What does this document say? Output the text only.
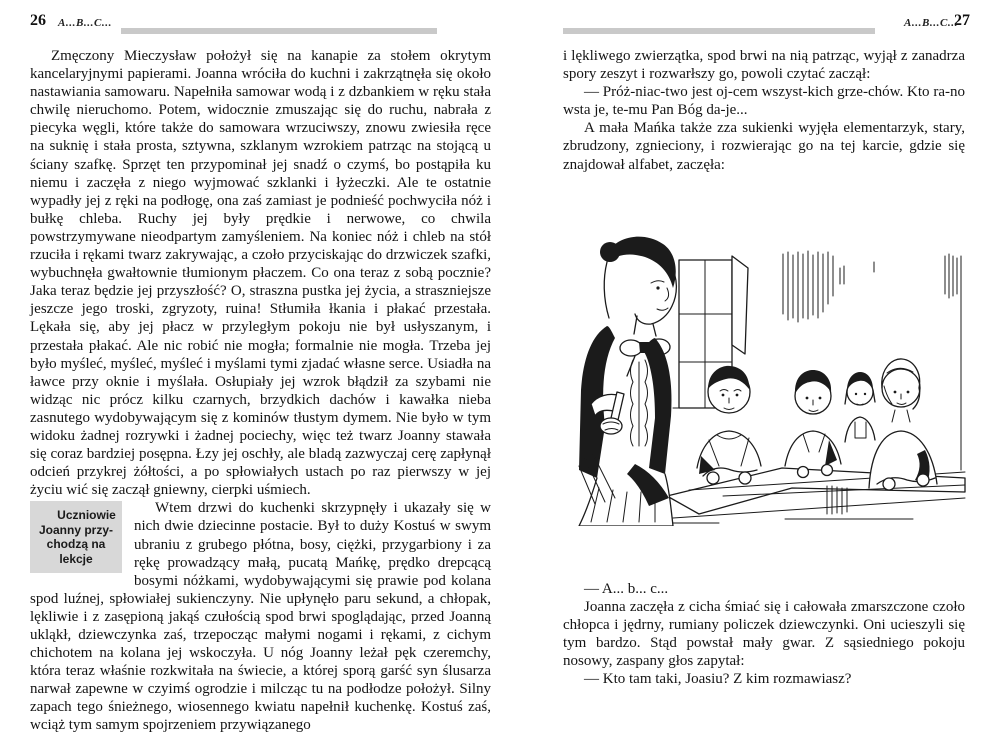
26 A...B...C...	A...B...C...
27

Zmęczony Mieczysław położył się na kanapie za stołem okrytym kancelaryjnymi papierami. Joanna wróciła do kuchni i zakrzątnęła się około nastawiania samowaru. Napełniła samowar wodą i z dzbankiem w ręku stała chwilę nieruchomo. Potem, widocznie zmuszając się do ruchu, nabrała z piecyka węgli, które także do samowara wrzuciwszy, znowu zwiesiła ręce na suknię i stała prosta, sztywna, szklanym wzrokiem patrząc na stojącą u ściany szafkę. Sprzęt ten przypominał jej snadź o czymś, bo postąpiła ku niemu i zaczęła z niego wyjmować szklanki i łyżeczki. Ale te ostatnie wypadły jej z ręki na podłogę, ona zaś zamiast je podnieść pochwyciła nóż i bułkę chleba. Ruchy jej były prędkie i nerwowe, co chwila powstrzymywane nieodpartym zamyśleniem. Na koniec nóż i chleb na stół rzuciła i rękami twarz zakrywając, a czoło przyciskając do drzwiczek szafki, wybuchnęła gwałtownie tłumionym płaczem. Co ona teraz z sobą pocznie? Jaka teraz będzie jej przyszłość? O, straszna pustka jej życia, a straszniejsze jeszcze jego troski, zgryzoty, ruina! Stłumiła łkania i płakać przestała. Lękała się, aby jej płacz w przyległym pokoju nie był usłyszanym, i przestała płakać. Ale nic robić nie mogła; formalnie nie mogła. Trzeba jej było myśleć, myśleć, myśleć i myślami tymi zjadać własne serce. Usiadła na ławce przy oknie i myślała. Osłupiały jej wzrok błądził za szybami nie widząc nic prócz kilku czarnych, brzydkich dachów i kawałka nieba zasnutego wydobywającym się z kominów tłustym dymem. Nie było w tym widoku żadnej rozrywki i żadnej pociechy, więc też twarz Joanny stawała się coraz bardziej posępna. Łzy jej oschły, ale bladą zazwyczaj cerę zapłynął odcień przykrej żółtości, a po spłowiałych ustach po raz pierwszy w jej życiu wić się zaczął gniewny, cierpki uśmiech.

Uczniowie
Joanny przy-
chodzą na
lekcje
Wtem drzwi do kuchenki skrzypnęły i ukazały się w nich dwie dziecinne postacie. Był to duży Kostuś w swym ubraniu z grubego płótna, bosy, ciężki, przygarbiony i za rękę prowadzący małą, pucatą Mańkę, prędko drepcącą bosymi nóżkami, wydobywającymi się prawie pod kolana spod luźnej, spłowiałej sukienczyny. Nie upłynęło paru sekund, a chłopak, lękliwie i z zasępioną jakąś czułością spod brwi spoglądając, przed Joanną ukląkł, dziewczynka zaś, trzepocząc małymi nogami i rękami, z cichym chichotem na kolana jej wskoczyła. U nóg Joanny leżał pęk czeremchy, która teraz właśnie rozkwitała na świecie, a której sporą garść syn ślusarza narwał zapewne w czyimś ogrodzie i milcząc tu na podłodze położył. Silny zapach tego śnieżnego, wiosennego kwiatu napełnił kuchenkę. Kostuś zaś, wciąż tym samym spojrzeniem przywiązanego

i lękliwego zwierzątka, spod brwi na nią patrząc, wyjął z zanadrza spory zeszyt i rozwarłszy go, powoli czytać zaczął:

— Próż-niac-two jest oj-cem wszyst-kich grze-chów. Kto ra-no wsta je, te-mu Pan Bóg da-je...

A mała Mańka także zza sukienki wyjęła elementarzyk, stary, zbrudzony, zgnieciony, i rozwierając go na tej karcie, gdzie się znajdował alfabet, zaczęła:

— A... b... c...

Joanna zaczęła z cicha śmiać się i całowała zmarszczone czoło chłopca i jędrny, rumiany policzek dziewczynki. Oni ucieszyli się tym bardzo. Stąd powstał mały gwar. Z sąsiedniego pokoju nosowy, zaspany głos zapytał:

— Kto tam taki, Joasiu? Z kim rozmawiasz?
